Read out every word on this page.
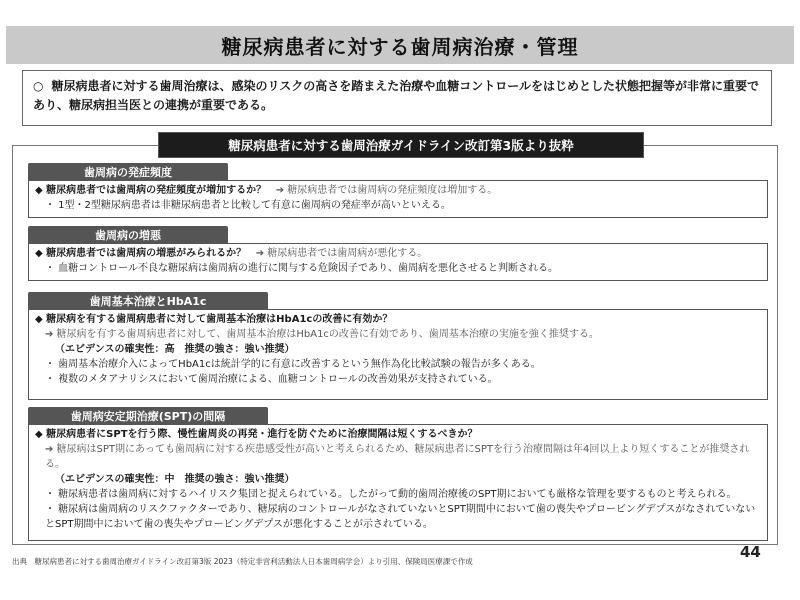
糖尿病患者に対する歯周病治療・管理
○ 糖尿病患者に対する歯周治療は、感染のリスクの高さを踏まえた治療や血糖コントロールをはじめとした状態把握等が非常に重要であり、糖尿病担当医との連携が重要である。
糖尿病患者に対する歯周治療ガイドライン改訂第3版より抜粋
歯周病の発症頻度
◆ 糖尿病患者では歯周病の発症頻度が増加するか？ ➔ 糖尿病患者では歯周病の発症頻度は増加する。
・ 1型・2型糖尿病患者は非糖尿病患者と比較して有意に歯周病の発症率が高いといえる。
歯周病の増悪
◆ 糖尿病患者では歯周病の増悪がみられるか？ ➔ 糖尿病患者では歯周病が悪化する。
・ 血糖コントロール不良な糖尿病は歯周病の進行に関与する危険因子であり、歯周病を悪化させると判断される。
歯周基本治療とHbA1c
◆ 糖尿病を有する歯周病患者に対して歯周基本治療はHbA1cの改善に有効か？
➔ 糖尿病を有する歯周病患者に対して、歯周基本治療はHbA1cの改善に有効であり、歯周基本治療の実施を強く推奨する。
（エビデンスの確実性：高　推奨の強さ：強い推奨）
・ 歯周基本治療介入によってHbA1cは統計学的に有意に改善するという無作為化比較試験の報告が多くある。
・ 複数のメタアナリシスにおいて歯周治療による、血糖コントロールの改善効果が支持されている。
歯周病安定期治療(SPT)の間隔
◆ 糖尿病患者にSPTを行う際、慢性歯周炎の再発・進行を防ぐために治療間隔は短くするべきか？
➔ 糖尿病はSPT期にあっても歯周病に対する疾患感受性が高いと考えられるため、糖尿病患者にSPTを行う治療間隔は年4回以上より短くすることが推奨される。
（エビデンスの確実性：中　推奨の強さ：強い推奨）
・ 糖尿病患者は歯周病に対するハイリスク集団と捉えられている。したがって動的歯周治療後のSPT期においても厳格な管理を要するものと考えられる。
・ 糖尿病は歯周病のリスクファクターであり、糖尿病のコントロールがなされていないとSPT期間中において歯の喪失やプロービングデプスがなされていないとSPT期間中において歯の喪失やプロービングデプスが悪化することが示されている。
44
出典　糖尿病患者に対する歯周治療ガイドライン改訂第3版 2023（特定非営利活動法人日本歯周病学会）より引用、保険局医療課で作成
